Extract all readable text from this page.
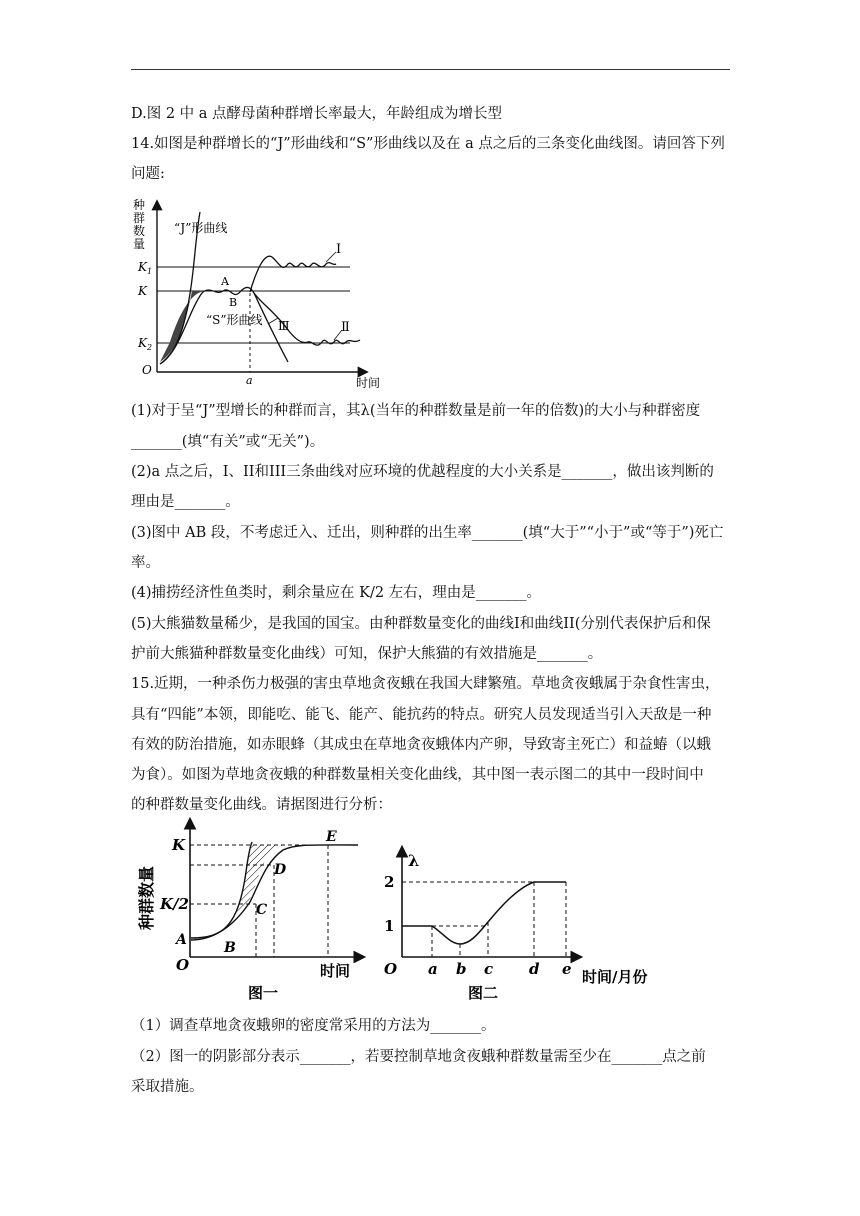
D.图 2 中 a 点酵母菌种群增长率最大，年龄组成为增长型
14.如图是种群增长的“J”形曲线和“S”形曲线以及在 a 点之后的三条变化曲线图。请回答下列
问题:
(1)对于呈“J”型增长的种群而言，其λ(当年的种群数量是前一年的倍数)的大小与种群密度
_______(填“有关”或“无关”)。
(2)a 点之后，I、II和III三条曲线对应环境的优越程度的大小关系是_______，做出该判断的
理由是_______。
(3)图中 AB 段，不考虑迁入、迁出，则种群的出生率_______(填“大于”“小于”或“等于”)死亡
率。
(4)捕捞经济性鱼类时，剩余量应在 K/2 左右，理由是_______。
(5)大熊猫数量稀少，是我国的国宝。由种群数量变化的曲线I和曲线II(分别代表保护后和保
护前大熊猫种群数量变化曲线）可知，保护大熊猫的有效措施是_______。
15.近期，一种杀伤力极强的害虫草地贪夜蛾在我国大肆繁殖。草地贪夜蛾属于杂食性害虫，
具有“四能”本领，即能吃、能飞、能产、能抗药的特点。研究人员发现适当引入天敌是一种
有效的防治措施，如赤眼蜂（其成虫在草地贪夜蛾体内产卵，导致寄主死亡）和益蝽（以蛾
为食）。如图为草地贪夜蛾的种群数量相关变化曲线，其中图一表示图二的其中一段时间中
的种群数量变化曲线。请据图进行分析：
（1）调查草地贪夜蛾卵的密度常采用的方法为_______。
（2）图一的阴影部分表示_______，若要控制草地贪夜蛾种群数量需至少在_______点之前
采取措施。
种
群
数
量
“J”形曲线
“S”形曲线
$K_1$
K
$K_2$
O
a
A
B
I
Ⅱ
Ⅲ
时间
种群数量
K
K/2
A
O
B
C
D
E
时间
图一
λ
2
1
O a b c d e 时间/月份
图二
